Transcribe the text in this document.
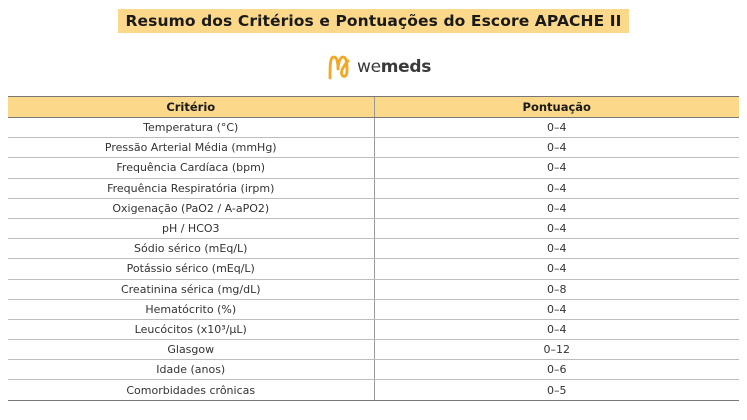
Resumo dos Critérios e Pontuações do Escore APACHE II
wemeds
Critério	Pontuação
Temperatura (°C)	0–4
Pressão Arterial Média (mmHg)	0–4
Frequência Cardíaca (bpm)	0–4
Frequência Respiratória (irpm)	0–4
Oxigenação (PaO2 / A-aPO2)	0–4
pH / HCO3	0–4
Sódio sérico (mEq/L)	0–4
Potássio sérico (mEq/L)	0–4
Creatinina sérica (mg/dL)	0–8
Hematócrito (%)	0–4
Leucócitos (x10³/µL)	0–4
Glasgow	0–12
Idade (anos)	0–6
Comorbidades crônicas	0–5
